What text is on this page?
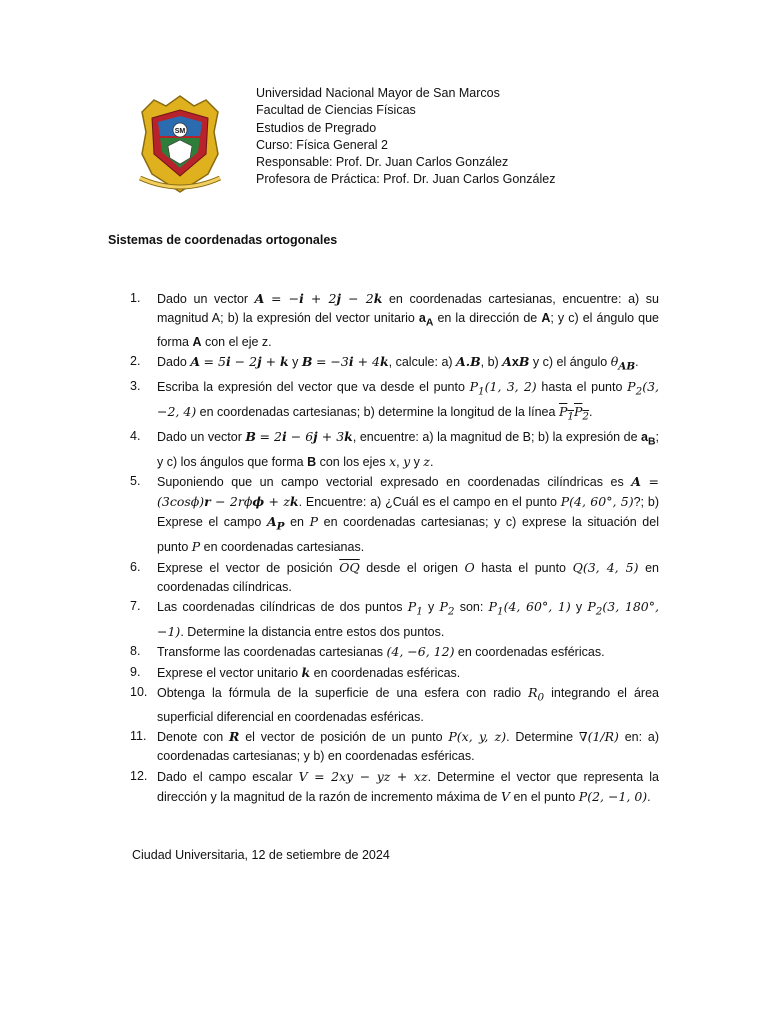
SM
Universidad Nacional Mayor de San Marcos
Facultad de Ciencias Físicas
Estudios de Pregrado
Curso: Física General 2
Responsable: Prof. Dr. Juan Carlos González
Profesora de Práctica: Prof. Dr. Juan Carlos González
Sistemas de coordenadas ortogonales
1. Dado un vector A = −i + 2j − 2k en coordenadas cartesianas, encuentre: a) su magnitud A; b) la expresión del vector unitario $a_A$ en la dirección de A; y c) el ángulo que forma A con el eje z.
2. Dado A = 5i − 2j + k y B = −3i + 4k, calcule: a) A.B, b) AxB y c) el ángulo $\theta_{AB}$.
3. Escriba la expresión del vector que va desde el punto $P_1(1$, 3, 2) hasta el punto $P_2(3$, −2, 4) en coordenadas cartesianas; b) determine la longitud de la línea $P_1P_2$.
4. Dado un vector B = 2i − 6j + 3k, encuentre: a) la magnitud de B; b) la expresión de $a_B$; y c) los ángulos que forma B con los ejes x, y y z.
5. Suponiendo que un campo vectorial expresado en coordenadas cilíndricas es A = (3cosϕ)r − 2rϕϕ + zk. Encuentre: a) ¿Cuál es el campo en el punto P(4, 60°, 5)?; b) Exprese el campo $A_P$ en P en coordenadas cartesianas; y c) exprese la situación del punto P en coordenadas cartesianas.
6. Exprese el vector de posición $\overline{OQ}$ desde el origen O hasta el punto Q(3, 4, 5) en coordenadas cilíndricas.
7. Las coordenadas cilíndricas de dos puntos $P_1$ y $P_2$ son: $P_1(4$, 60°, 1) y $P_2(3$, 180°, −1). Determine la distancia entre estos dos puntos.
8. Transforme las coordenadas cartesianas (4, −6, 12) en coordenadas esféricas.
9. Exprese el vector unitario k en coordenadas esféricas.
10. Obtenga la fórmula de la superficie de una esfera con radio $R_0$ integrando el área superficial diferencial en coordenadas esféricas.
11. Denote con R el vector de posición de un punto P(x, y, z). Determine ∇(1/R) en: a) coordenadas cartesianas; y b) en coordenadas esféricas.
12. Dado el campo escalar V = 2xy − yz + xz. Determine el vector que representa la dirección y la magnitud de la razón de incremento máxima de V en el punto P(2, −1, 0).
Ciudad Universitaria, 12 de setiembre de 2024
